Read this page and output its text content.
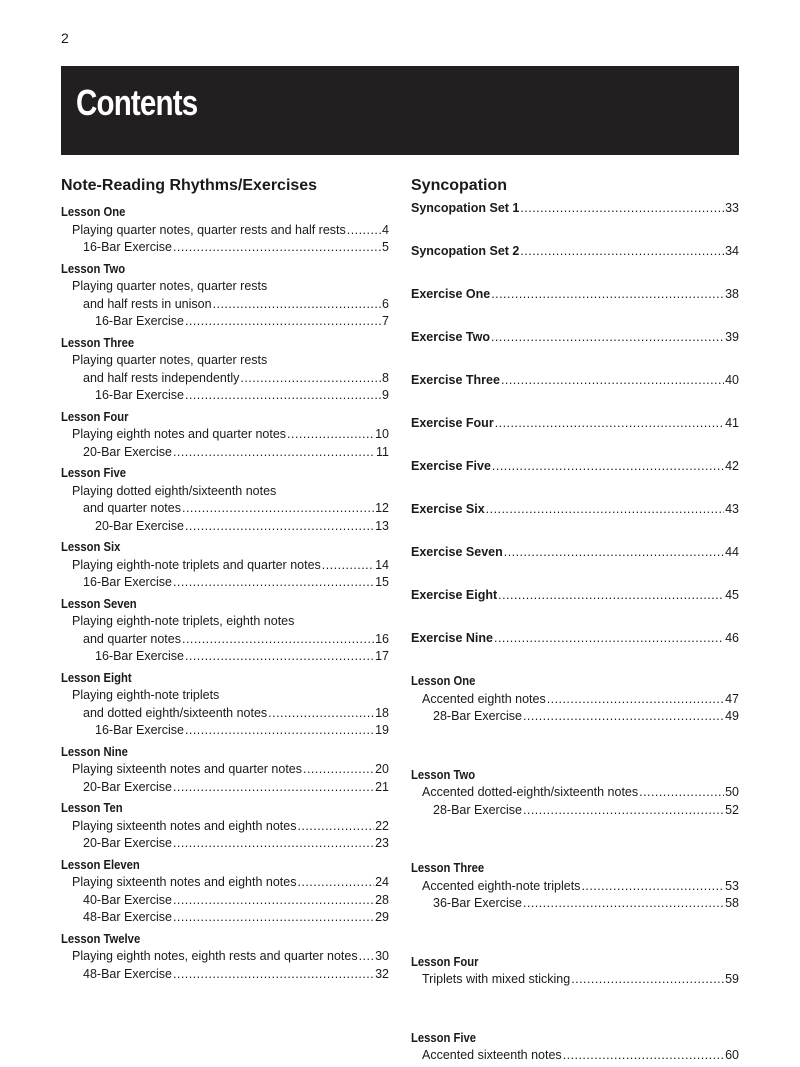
2
Contents
Note-Reading Rhythms/Exercises
Lesson One
Playing quarter notes, quarter rests and half rests . . .	4
16-Bar Exercise . . .	5
Lesson Two
Playing quarter notes, quarter rests
and half rests in unison . . .	6
16-Bar Exercise . . .	7
Lesson Three
Playing quarter notes, quarter rests
and half rests independently . . .	8
16-Bar Exercise . . .	9
Lesson Four
Playing eighth notes and quarter notes . . .	10
20-Bar Exercise . . .	11
Lesson Five
Playing dotted eighth/sixteenth notes
and quarter notes . . .	12
20-Bar Exercise . . .	13
Lesson Six
Playing eighth-note triplets and quarter notes . . .	14
16-Bar Exercise . . .	15
Lesson Seven
Playing eighth-note triplets, eighth notes
and quarter notes . . .	16
16-Bar Exercise . . .	17
Lesson Eight
Playing eighth-note triplets
and dotted eighth/sixteenth notes . . .	18
16-Bar Exercise . . .	19
Lesson Nine
Playing sixteenth notes and quarter notes . . .	20
20-Bar Exercise . . .	21
Lesson Ten
Playing sixteenth notes and eighth notes . . .	22
20-Bar Exercise . . .	23
Lesson Eleven
Playing sixteenth notes and eighth notes . . .	24
40-Bar Exercise . . .	28
48-Bar Exercise . . .	29
Lesson Twelve
Playing eighth notes, eighth rests and quarter notes . . . 30
48-Bar Exercise . . .	32
Syncopation
Syncopation Set 1 . . .	33
Syncopation Set 2 . . .	34
Exercise One . . .	38
Exercise Two . . .	39
Exercise Three . . .	40
Exercise Four . . .	41
Exercise Five . . .	42
Exercise Six . . .	43
Exercise Seven . . .	44
Exercise Eight . . .	45
Exercise Nine . . .	46
Lesson One
Accented eighth notes . . .	47
28-Bar Exercise . . .	49
Lesson Two
Accented dotted-eighth/sixteenth notes . . .	50
28-Bar Exercise . . .	52
Lesson Three
Accented eighth-note triplets . . .	53
36-Bar Exercise . . .	58
Lesson Four
Triplets with mixed sticking . . .	59
Lesson Five
Accented sixteenth notes . . .	60
